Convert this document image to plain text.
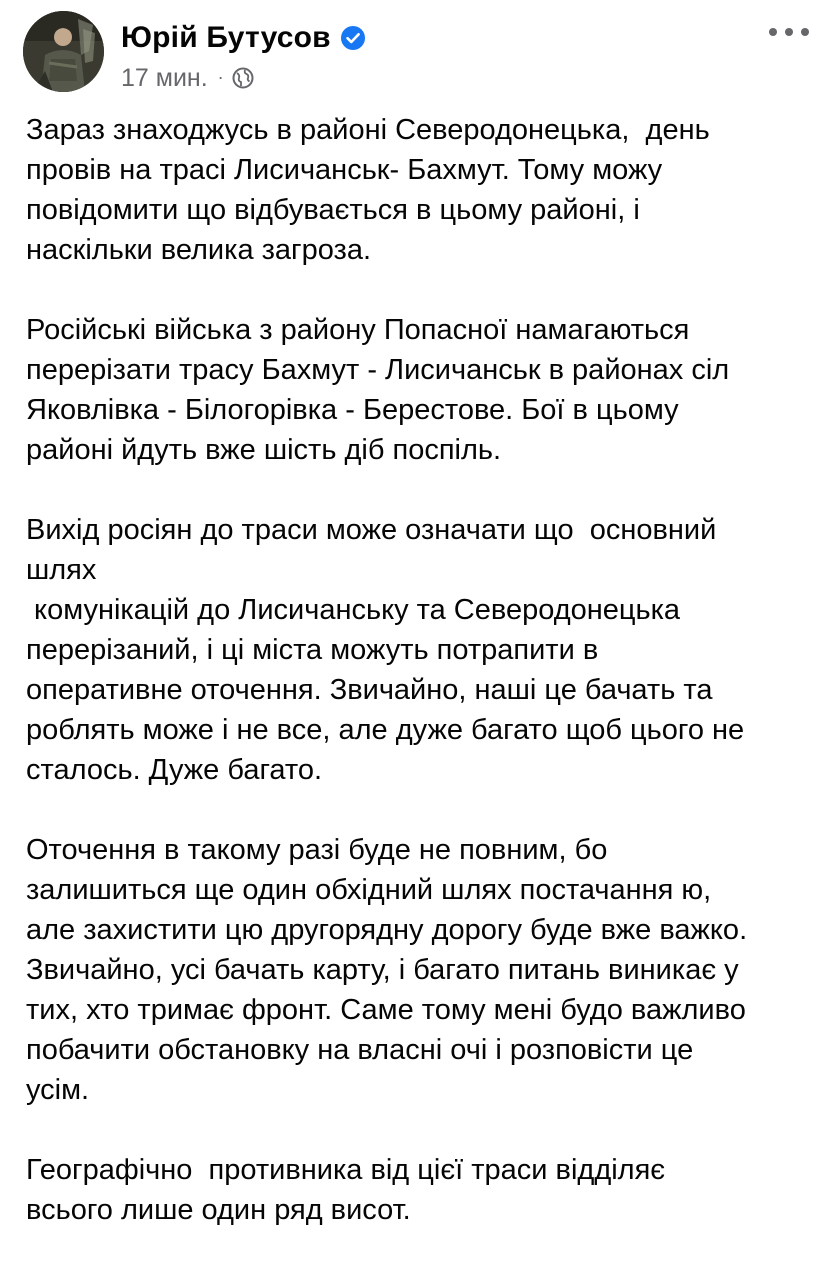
Юрій Бутусов
17 мин. ·
Зараз знаходжусь в районі Северодонецька,  день
провів на трасі Лисичанськ- Бахмут. Тому можу
повідомити що відбувається в цьому районі, і
наскільки велика загроза.
Російські війська з району Попасної намагаються
перерізати трасу Бахмут - Лисичанськ в районах сіл
Яковлівка - Білогорівка - Берестове. Бої в цьому
районі йдуть вже шість діб поспіль.
Вихід росіян до траси може означати що  основний
шлях
комунікацій до Лисичанську та Северодонецька
перерізаний, і ці міста можуть потрапити в
оперативне оточення. Звичайно, наші це бачать та
роблять може і не все, але дуже багато щоб цього не
сталось. Дуже багато.
Оточення в такому разі буде не повним, бо
залишиться ще один обхідний шлях постачання ю,
але захистити цю другорядну дорогу буде вже важко.
Звичайно, усі бачать карту, і багато питань виникає у
тих, хто тримає фронт. Саме тому мені будо важливо
побачити обстановку на власні очі і розповісти це
усім.
Географічно  противника від цієї траси відділяє
всього лише один ряд висот.
